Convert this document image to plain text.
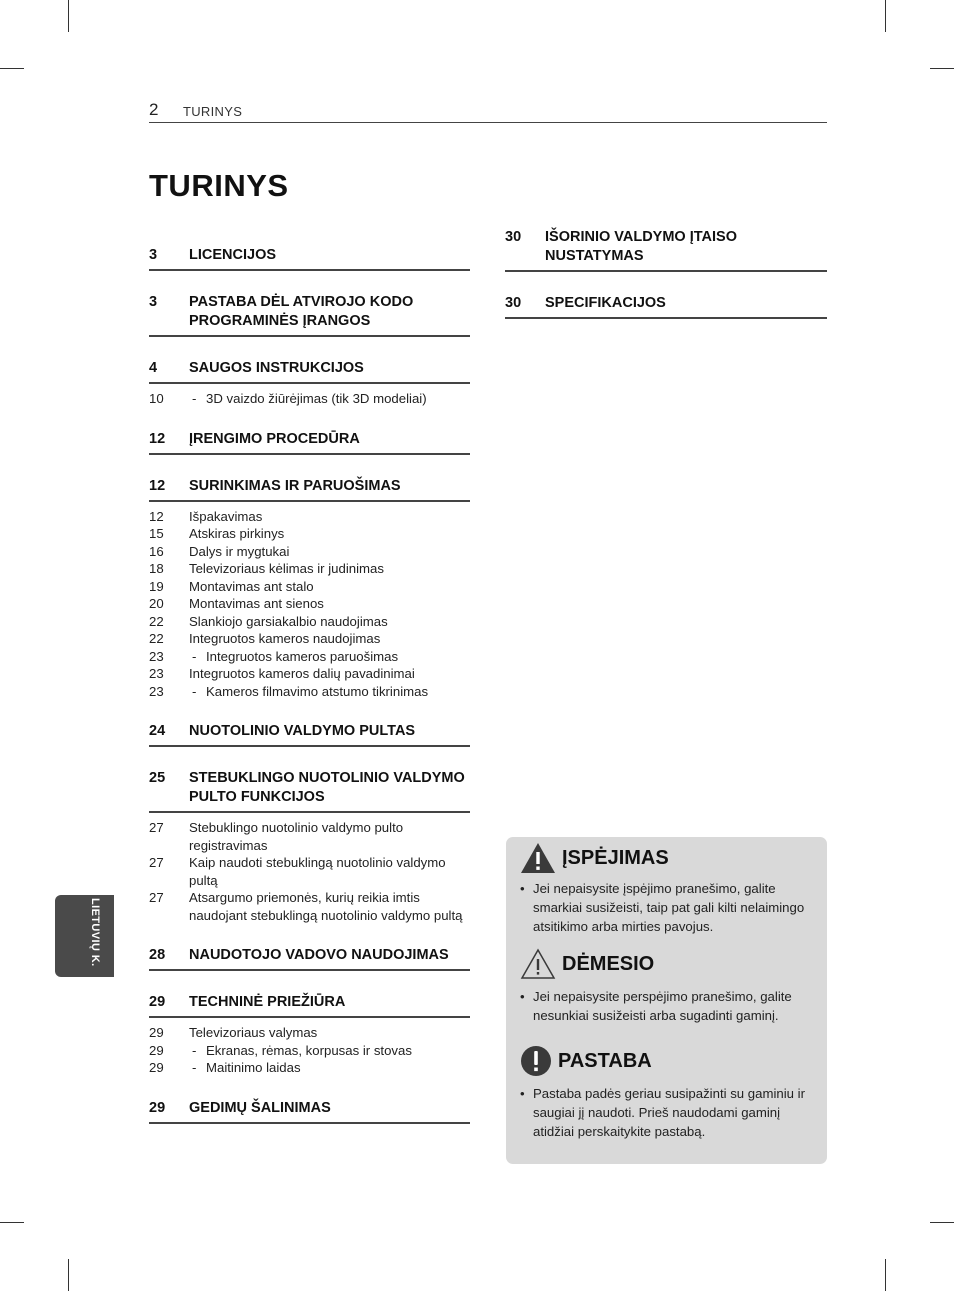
2 TURINYS
TURINYS
3	LICENCIJOS
3	PASTABA DĖL ATVIROJO KODO PROGRAMINĖS ĮRANGOS
4	SAUGOS INSTRUKCIJOS
10	- 3D vaizdo žiūrėjimas (tik 3D modeliai)
12	ĮRENGIMO PROCEDŪRA
12	SURINKIMAS IR PARUOŠIMAS
12	Išpakavimas
15	Atskiras pirkinys
16	Dalys ir mygtukai
18	Televizoriaus kėlimas ir judinimas
19	Montavimas ant stalo
20	Montavimas ant sienos
22	Slankiojo garsiakalbio naudojimas
22	Integruotos kameros naudojimas
23	- Integruotos kameros paruošimas
23	Integruotos kameros dalių pavadinimai
23	- Kameros filmavimo atstumo tikrinimas
24	NUOTOLINIO VALDYMO PULTAS
25	STEBUKLINGO NUOTOLINIO VALDYMO PULTO FUNKCIJOS
27	Stebuklingo nuotolinio valdymo pulto registravimas
27	Kaip naudoti stebuklingą nuotolinio valdymo pultą
27	Atsargumo priemonės, kurių reikia imtis naudojant stebuklingą nuotolinio valdymo pultą
28	NAUDOTOJO VADOVO NAUDOJIMAS
29	TECHNINĖ PRIEŽIŪRA
29	Televizoriaus valymas
29	- Ekranas, rėmas, korpusas ir stovas
29	- Maitinimo laidas
29	GEDIMŲ ŠALINIMAS
30	IŠORINIO VALDYMO ĮTAISO NUSTATYMAS
30	SPECIFIKACIJOS
LIETUVIŲ K.
ĮSPĖJIMAS
• Jei nepaisysite įspėjimo pranešimo, galite smarkiai susižeisti, taip pat gali kilti nelaimingo atsitikimo arba mirties pavojus.
DĖMESIO
• Jei nepaisysite perspėjimo pranešimo, galite nesunkiai susižeisti arba sugadinti gaminį.
PASTABA
• Pastaba padės geriau susipažinti su gaminiu ir saugiai jį naudoti. Prieš naudodami gaminį atidžiai perskaitykite pastabą.
